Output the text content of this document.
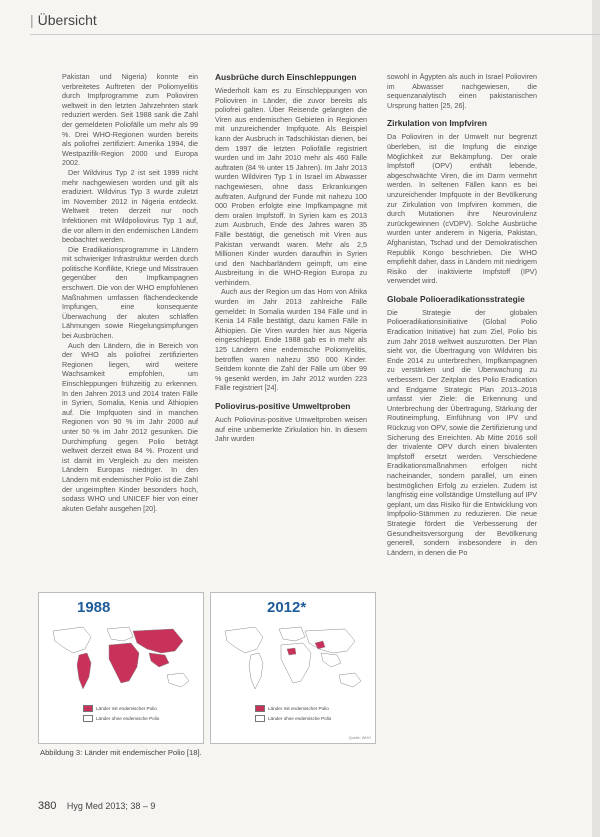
| Übersicht

Pakistan und Nigeria) konnte ein verbreitetes Auftreten der Poliomyelitis durch Impfprogramme zum Polioviren weltweit in den letzten Jahrzehnten stark reduziert werden. Seit 1988 sank die Zahl der gemeldeten Poliofälle um mehr als 99 %. Drei WHO-Regionen wurden bereits als poliofrei zertifiziert: Amerika 1994, die Westpazifik-Region 2000 und Europa 2002.

Der Wildvirus Typ 2 ist seit 1999 nicht mehr nachgewiesen worden und gilt als eradiziert. Wildvirus Typ 3 wurde zuletzt im November 2012 in Nigeria entdeckt. Weltweit treten derzeit nur noch Infektionen mit Wildpoliovirus Typ 1 auf, die vor allem in den endemischen Ländern beobachtet werden.

Die Eradikationsprogramme in Ländern mit schwieriger Infrastruktur werden durch politische Konflikte, Kriege und Misstrauen gegenüber den Impfkampagnen erschwert. Die von der WHO empfohlenen Maßnahmen umfassen flächendeckende Impfungen, eine konsequente Überwachung der akuten schlaffen Lähmungen sowie Riegelungsimpfungen bei Ausbrüchen.

Auch den Ländern, die in Bereich von der WHO als poliofrei zertifizierten Regionen liegen, wird weitere Wachsamkeit empfohlen, um Einschleppungen frühzeitig zu erkennen. In den Jahren 2013 und 2014 traten Fälle in Syrien, Somalia, Kenia und Äthiopien auf. Die Impfquoten sind in manchen Regionen von 90 % im Jahr 2000 auf unter 50 % im Jahr 2012 gesunken. Die Durchimpfung gegen Polio beträgt weltweit derzeit etwa 84 %. Prozent und ist damit im Vergleich zu den meisten Ländern Europas niedriger. In den Ländern mit endemischer Polio ist die Zahl der ungeimpften Kinder besonders hoch, sodass WHO und UNICEF hier von einer akuten Gefahr ausgehen [20].

Ausbrüche durch Einschleppungen

Wiederholt kam es zu Einschleppungen von Polioviren in Länder, die zuvor bereits als poliofrei galten. Über Reisende gelangten die Viren aus endemischen Gebieten in Regionen mit unzureichender Impfquote. Als Beispiel kann der Ausbruch in Tadschikistan dienen, bei dem 1997 die letzten Poliofälle registriert wurden und im Jahr 2010 mehr als 460 Fälle auftraten (84 % unter 15 Jahren). Im Jahr 2013 wurden Wildviren Typ 1 in Israel im Abwasser nachgewiesen, ohne dass Erkrankungen auftraten. Aufgrund der Funde mit nahezu 100 000 Proben erfolgte eine Impfkampagne mit dem oralen Impfstoff. In Syrien kam es 2013 zum Ausbruch, Ende des Jahres waren 35 Fälle bestätigt, die genetisch mit Viren aus Pakistan verwandt waren. Mehr als 2,5 Millionen Kinder wurden daraufhin in Syrien und den Nachbarländern geimpft, um eine Ausbreitung in die WHO-Region Europa zu verhindern.

Auch aus der Region um das Horn von Afrika wurden im Jahr 2013 zahlreiche Fälle gemeldet: In Somalia wurden 194 Fälle und in Kenia 14 Fälle bestätigt, dazu kamen Fälle in Äthiopien. Die Viren wurden hier aus Nigeria eingeschleppt. Ende 1988 gab es in mehr als 125 Ländern eine endemische Poliomyelitis, betroffen waren nahezu 350 000 Kinder. Seitdem konnte die Zahl der Fälle um über 99 % gesenkt werden, im Jahr 2012 wurden 223 Fälle registriert [24].

Poliovirus-positive Umweltproben

Auch Poliovirus-positive Umweltproben weisen auf eine unbemerkte Zirkulation hin. In diesem Jahr wurden

sowohl in Ägypten als auch in Israel Polioviren im Abwasser nachgewiesen, die sequenzanalytisch einen pakistanischen Ursprung hatten [25, 26].

Zirkulation von Impfviren

Da Polioviren in der Umwelt nur begrenzt überleben, ist die Impfung die einzige Möglichkeit zur Bekämpfung. Der orale Impfstoff (OPV) enthält lebende, abgeschwächte Viren, die im Darm vermehrt werden. In seltenen Fällen kann es bei unzureichender Impfquote in der Bevölkerung zur Zirkulation von Impfviren kommen, die durch Mutationen ihre Neurovirulenz zurückgewinnen (cVDPV). Solche Ausbrüche wurden unter anderem in Nigeria, Pakistan, Afghanistan, Tschad und der Demokratischen Republik Kongo beschrieben. Die WHO empfiehlt daher, dass in Ländern mit niedrigem Risiko der inaktivierte Impfstoff (IPV) verwendet wird.

Globale Polioeradikationsstrategie

Die Strategie der globalen Polioeradikationsinitiative (Global Polio Eradication Initiative) hat zum Ziel, Polio bis zum Jahr 2018 weltweit auszurotten. Der Plan sieht vor, die Übertragung von Wildviren bis Ende 2014 zu unterbrechen, Impfkampagnen zu verstärken und die Überwachung zu verbessern. Der Zeitplan des Polio Eradication and Endgame Strategic Plan 2013–2018 umfasst vier Ziele: die Erkennung und Unterbrechung der Übertragung, Stärkung der Routineimpfung, Einführung von IPV und Rückzug von OPV, sowie die Zertifizierung und Sicherung des Erreichten. Ab Mitte 2016 soll der trivalente OPV durch einen bivalenten Impfstoff ersetzt werden. Verschiedene Eradikationsmaßnahmen erfolgen nicht nacheinander, sondern parallel, um einen bestmöglichen Erfolg zu erzielen. Zudem ist langfristig eine vollständige Umstellung auf IPV geplant, um das Risiko für die Entwicklung von Impfpolio-Stämmen zu reduzieren. Die neue Strategie fördert die Verbesserung der Gesundheitsversorgung der Bevölkerung generell, sondern insbesondere in den Ländern, in denen die Po

1988
Länder mit endemischer Polio
Länder ohne endemische Polio
2012*
Länder mit endemischer Polio
Länder ohne endemische Polio
Quelle: WHO
Abbildung 3: Länder mit endemischer Polio [18].
380 Hyg Med 2013; 38 – 9
